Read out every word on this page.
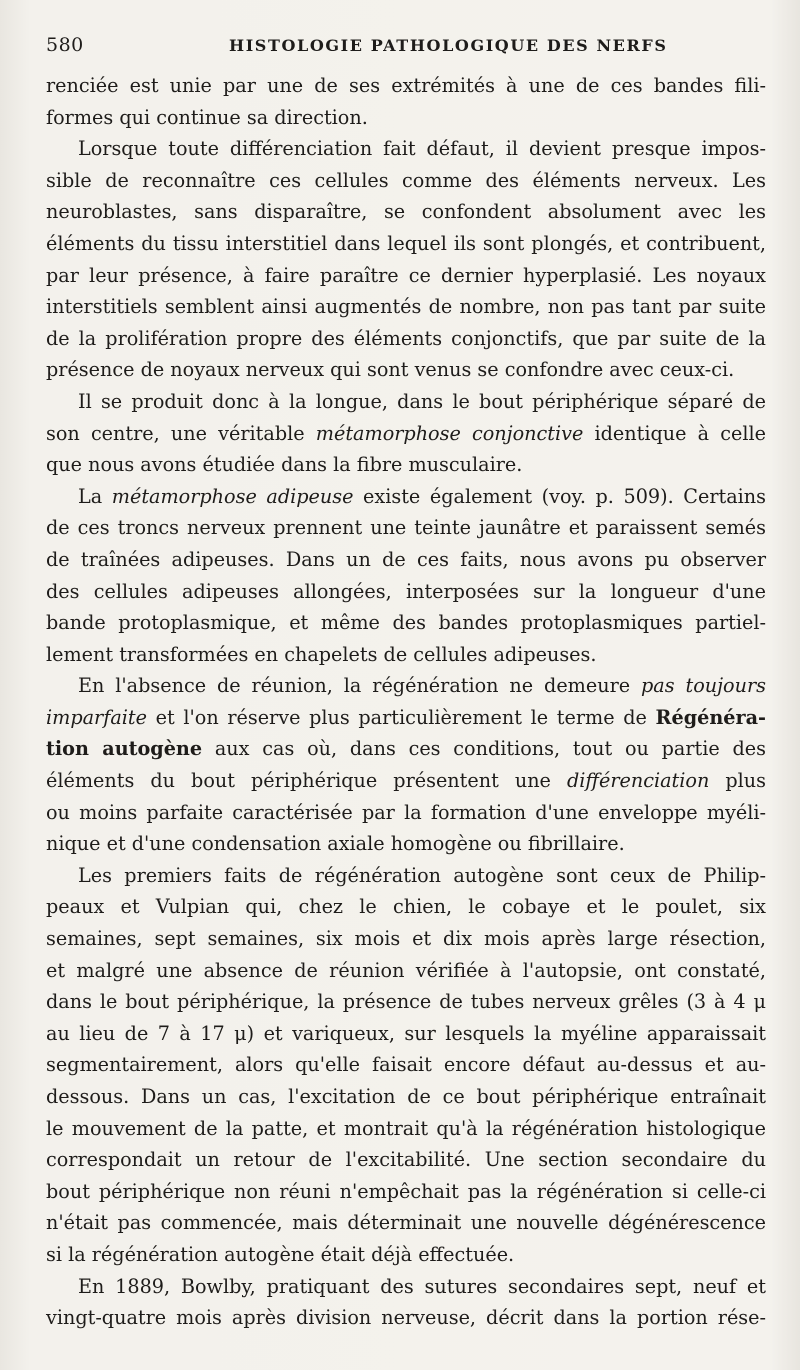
580	HISTOLOGIE PATHOLOGIQUE DES NERFS
renciée est unie par une de ses extrémités à une de ces bandes fili-
formes qui continue sa direction.
Lorsque toute différenciation fait défaut, il devient presque impos-
sible de reconnaître ces cellules comme des éléments nerveux. Les
neuroblastes, sans disparaître, se confondent absolument avec les
éléments du tissu interstitiel dans lequel ils sont plongés, et contribuent,
par leur présence, à faire paraître ce dernier hyperplasié. Les noyaux
interstitiels semblent ainsi augmentés de nombre, non pas tant par suite
de la prolifération propre des éléments conjonctifs, que par suite de la
présence de noyaux nerveux qui sont venus se confondre avec ceux-ci.
Il se produit donc à la longue, dans le bout périphérique séparé de
son centre, une véritable métamorphose conjonctive identique à celle
que nous avons étudiée dans la fibre musculaire.
La métamorphose adipeuse existe également (voy. p. 509). Certains
de ces troncs nerveux prennent une teinte jaunâtre et paraissent semés
de traînées adipeuses. Dans un de ces faits, nous avons pu observer
des cellules adipeuses allongées, interposées sur la longueur d'une
bande protoplasmique, et même des bandes protoplasmiques partiel-
lement transformées en chapelets de cellules adipeuses.
En l'absence de réunion, la régénération ne demeure pas toujours
imparfaite et l'on réserve plus particulièrement le terme de Régénéra-
tion autogène aux cas où, dans ces conditions, tout ou partie des
éléments du bout périphérique présentent une différenciation plus
ou moins parfaite caractérisée par la formation d'une enveloppe myéli-
nique et d'une condensation axiale homogène ou fibrillaire.
Les premiers faits de régénération autogène sont ceux de Philip-
peaux et Vulpian qui, chez le chien, le cobaye et le poulet, six
semaines, sept semaines, six mois et dix mois après large résection,
et malgré une absence de réunion vérifiée à l'autopsie, ont constaté,
dans le bout périphérique, la présence de tubes nerveux grêles (3 à 4 μ
au lieu de 7 à 17 μ) et variqueux, sur lesquels la myéline apparaissait
segmentairement, alors qu'elle faisait encore défaut au-dessus et au-
dessous. Dans un cas, l'excitation de ce bout périphérique entraînait
le mouvement de la patte, et montrait qu'à la régénération histologique
correspondait un retour de l'excitabilité. Une section secondaire du
bout périphérique non réuni n'empêchait pas la régénération si celle-ci
n'était pas commencée, mais déterminait une nouvelle dégénérescence
si la régénération autogène était déjà effectuée.
En 1889, Bowlby, pratiquant des sutures secondaires sept, neuf et
vingt-quatre mois après division nerveuse, décrit dans la portion rése-
